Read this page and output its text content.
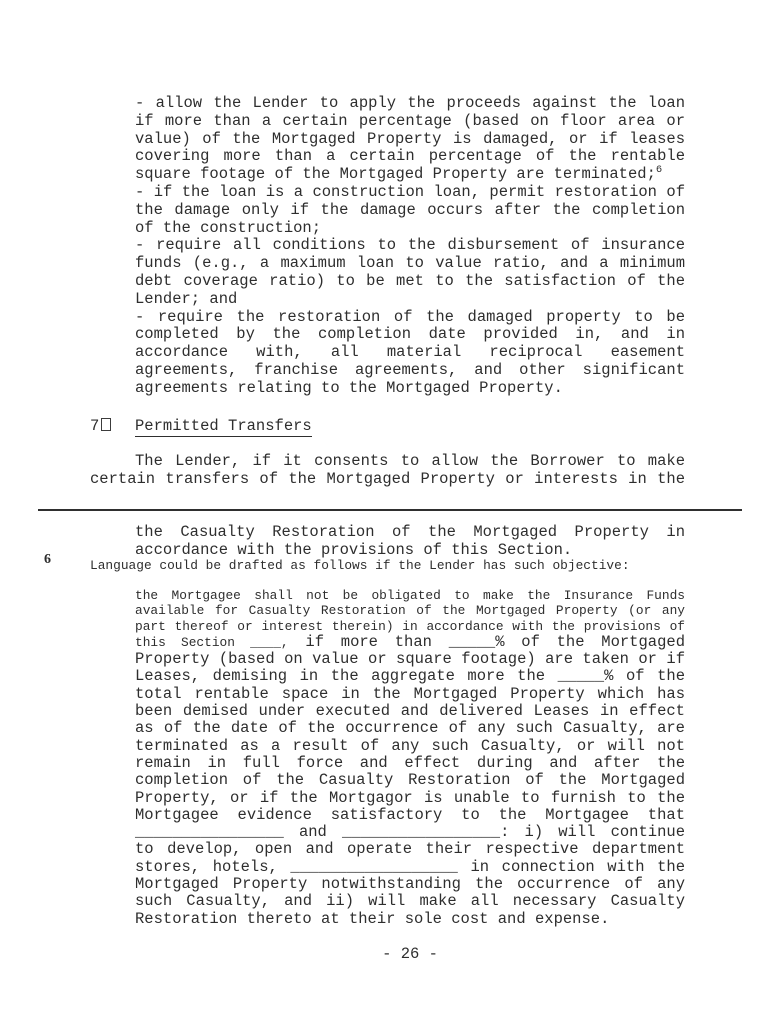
- allow the Lender to apply the proceeds against the loan
if more than a certain percentage (based on floor area or
value) of the Mortgaged Property is damaged, or if leases
covering more than a certain percentage of the rentable
square footage of the Mortgaged Property are terminated;$^6$
- if the loan is a construction loan, permit restoration of
the damage only if the damage occurs after the completion
of the construction;
- require all conditions to the disbursement of insurance
funds (e.g., a maximum loan to value ratio, and a minimum
debt coverage ratio) to be met to the satisfaction of the
Lender; and
- require the restoration of the damaged property to be
completed by the completion date provided in, and in
accordance with, all material reciprocal easement
agreements, franchise agreements, and other significant
agreements relating to the Mortgaged Property.
7 Permitted Transfers
The Lender, if it consents to allow the Borrower to make
certain transfers of the Mortgaged Property or interests in the
the Casualty Restoration of the Mortgaged Property in
accordance with the provisions of this Section.
6	Language could be drafted as follows if the Lender has such objective:
the Mortgagee shall not be obligated to make the Insurance Funds
available for Casualty Restoration of the Mortgaged Property (or any
part thereof or interest therein) in accordance with the provisions of
this Section ____, if more than _____% of the Mortgaged
Property (based on value or square footage) are taken or if
Leases, demising in the aggregate more the _____% of the
total rentable space in the Mortgaged Property which has
been demised under executed and delivered Leases in effect
as of the date of the occurrence of any such Casualty, are
terminated as a result of any such Casualty, or will not
remain in full force and effect during and after the
completion of the Casualty Restoration of the Mortgaged
Property, or if the Mortgagor is unable to furnish to the
Mortgagee evidence satisfactory to the Mortgagee that
________________ and _________________: i) will continue
to develop, open and operate their respective department
stores, hotels, __________________ in connection with the
Mortgaged Property notwithstanding the occurrence of any
such Casualty, and ii) will make all necessary Casualty
Restoration thereto at their sole cost and expense.
- 26 -
